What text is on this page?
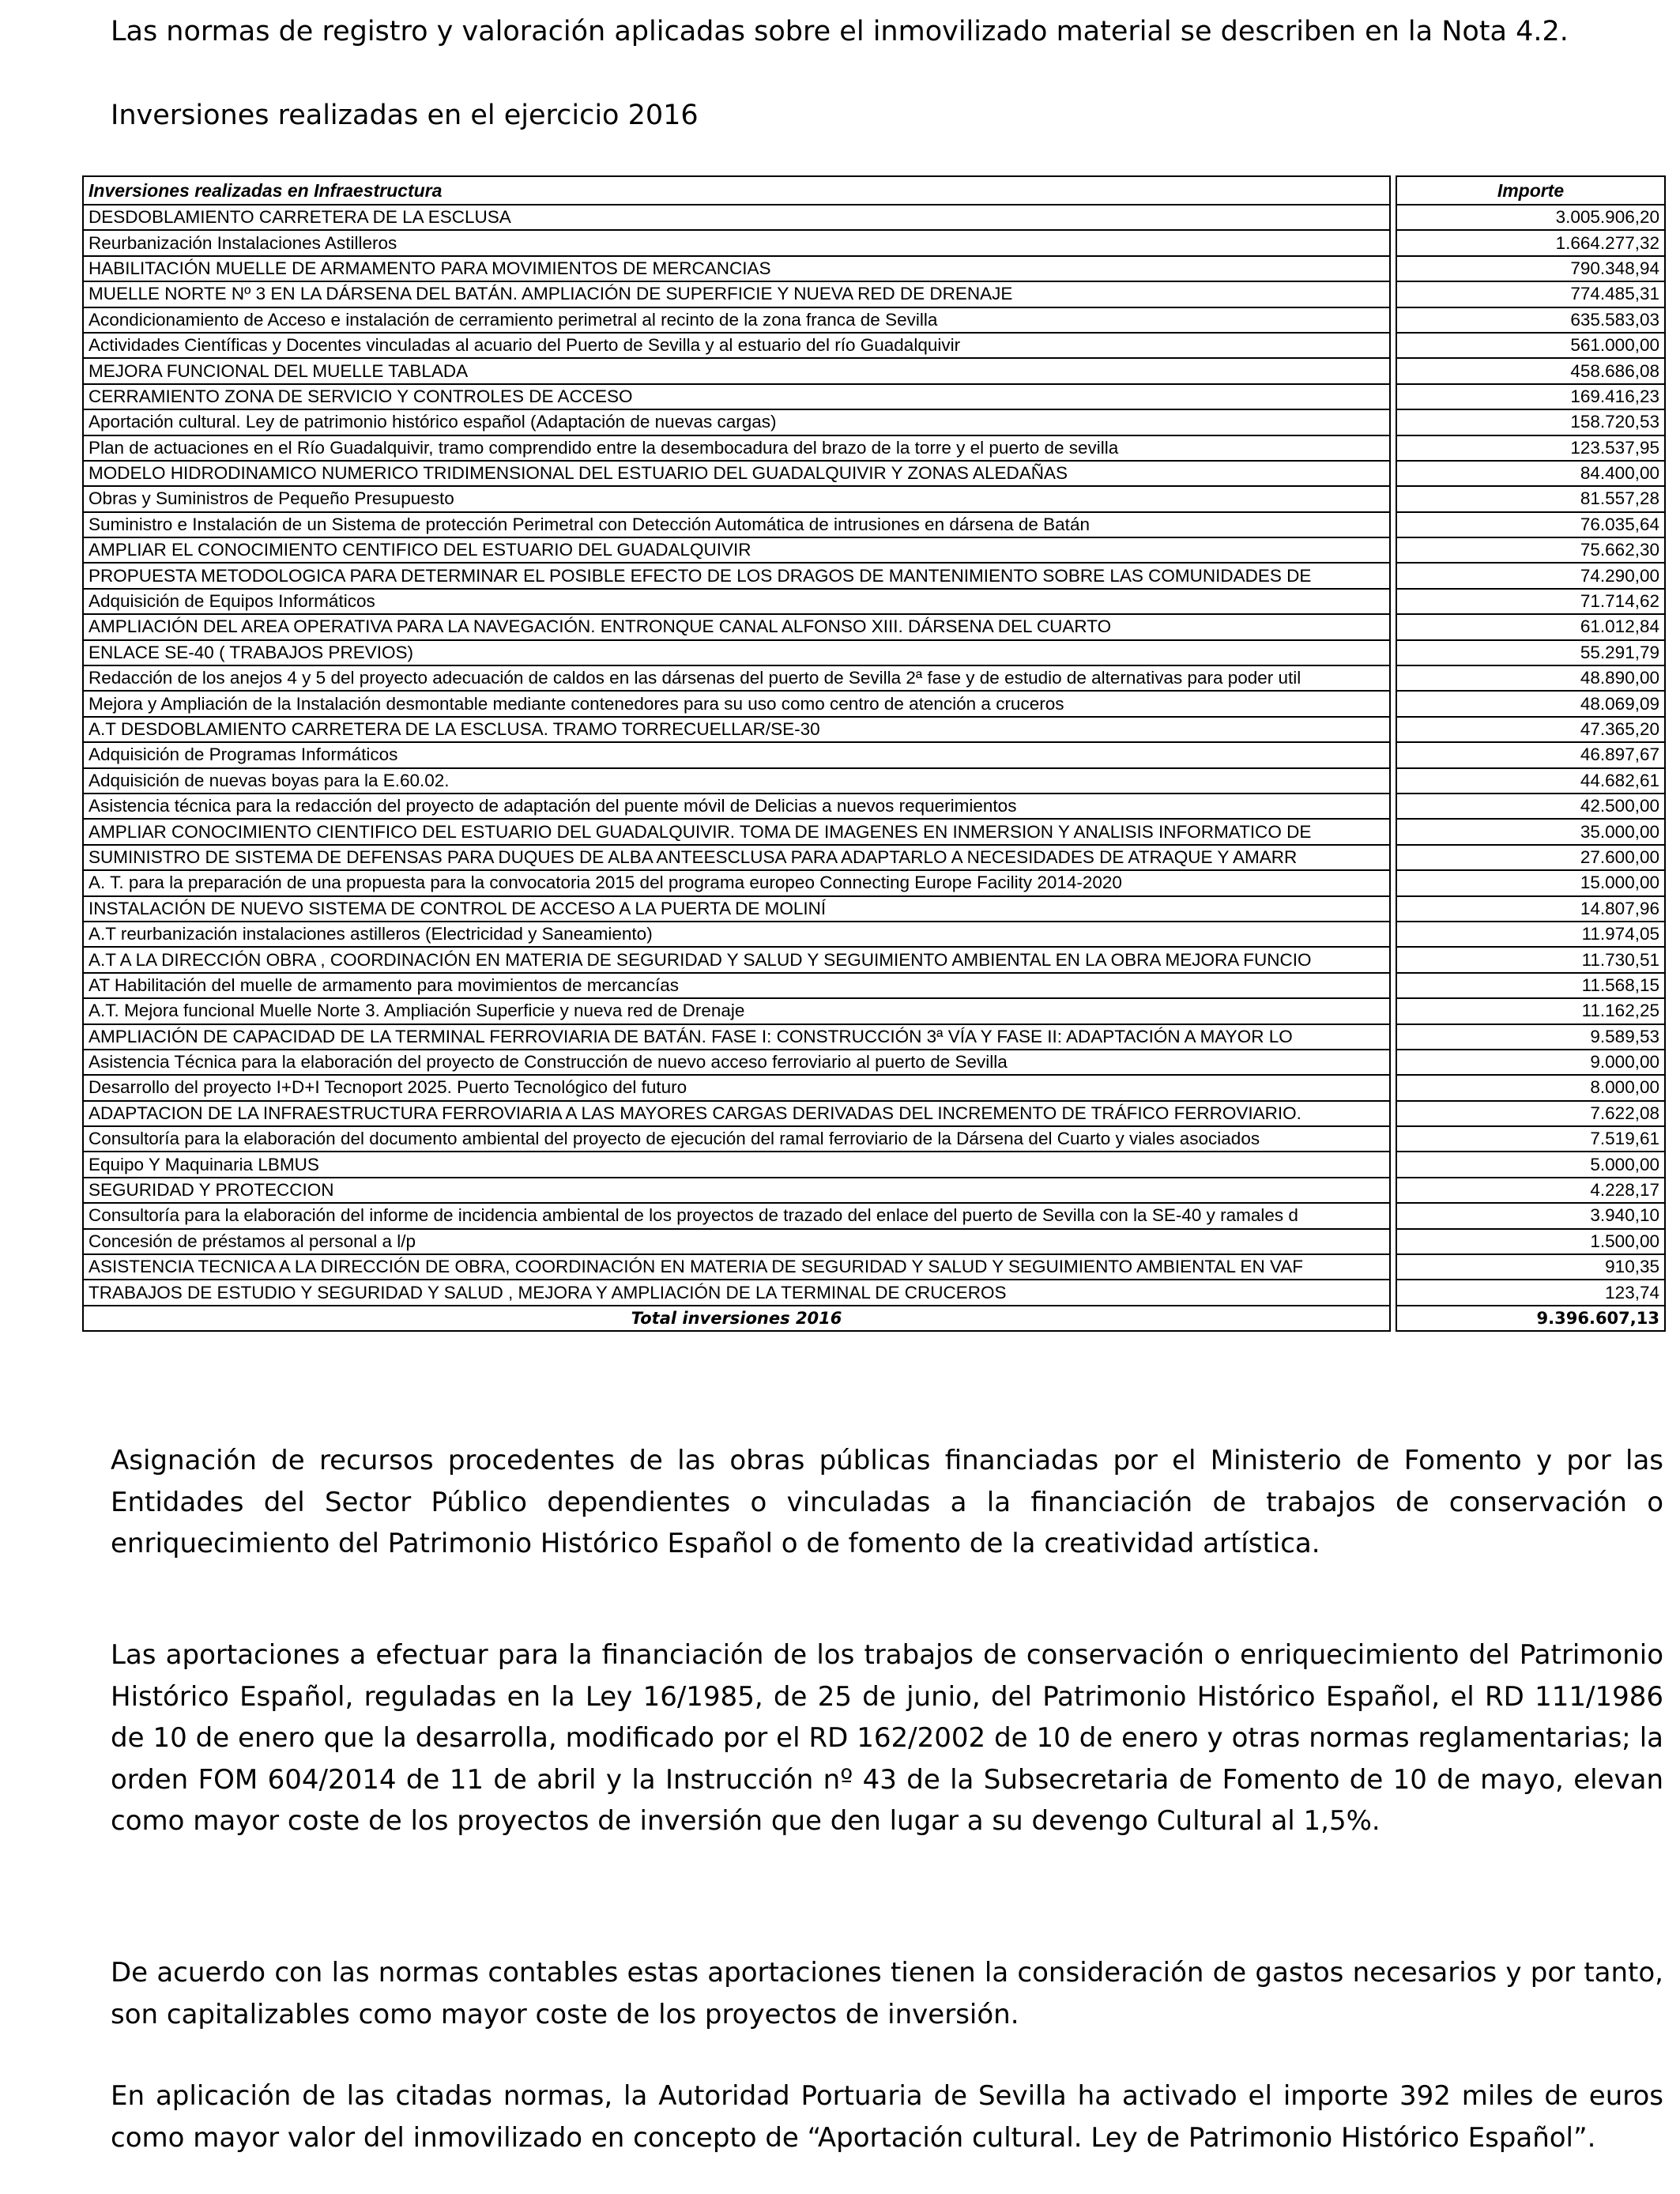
Las normas de registro y valoración aplicadas sobre el inmovilizado material se describen en la Nota 4.2.
Inversiones realizadas en el ejercicio 2016
Inversiones realizadas en Infraestructura		Importe
DESDOBLAMIENTO CARRETERA DE LA ESCLUSA		3.005.906,20
Reurbanización Instalaciones Astilleros		1.664.277,32
HABILITACIÓN MUELLE DE ARMAMENTO PARA MOVIMIENTOS DE MERCANCIAS		790.348,94
MUELLE NORTE Nº 3 EN LA DÁRSENA DEL BATÁN. AMPLIACIÓN DE SUPERFICIE Y NUEVA RED DE DRENAJE		774.485,31
Acondicionamiento de Acceso e instalación de cerramiento perimetral al recinto de la zona franca de Sevilla		635.583,03
Actividades Científicas y Docentes vinculadas al acuario del Puerto de Sevilla y al estuario del río Guadalquivir		561.000,00
MEJORA FUNCIONAL DEL MUELLE TABLADA		458.686,08
CERRAMIENTO ZONA DE SERVICIO Y CONTROLES DE ACCESO		169.416,23
Aportación cultural. Ley de patrimonio histórico español (Adaptación de nuevas cargas)		158.720,53
Plan de actuaciones en el Río Guadalquivir, tramo comprendido entre la desembocadura del brazo de la torre y el puerto de sevilla		123.537,95
MODELO HIDRODINAMICO NUMERICO TRIDIMENSIONAL DEL ESTUARIO DEL GUADALQUIVIR Y ZONAS ALEDAÑAS		84.400,00
Obras y Suministros de Pequeño Presupuesto		81.557,28
Suministro e Instalación de un Sistema de protección Perimetral con Detección Automática de intrusiones en dársena de Batán		76.035,64
AMPLIAR EL CONOCIMIENTO CENTIFICO DEL ESTUARIO DEL GUADALQUIVIR		75.662,30
PROPUESTA METODOLOGICA PARA DETERMINAR EL POSIBLE EFECTO DE LOS DRAGOS DE MANTENIMIENTO SOBRE LAS COMUNIDADES DE		74.290,00
Adquisición de Equipos Informáticos		71.714,62
AMPLIACIÓN DEL AREA OPERATIVA PARA LA NAVEGACIÓN. ENTRONQUE CANAL ALFONSO XIII. DÁRSENA DEL CUARTO		61.012,84
ENLACE SE-40 ( TRABAJOS PREVIOS)		55.291,79
Redacción de los anejos 4 y 5 del proyecto adecuación de caldos en las dársenas del puerto de Sevilla 2ª fase y de estudio de alternativas para poder util		48.890,00
Mejora y Ampliación de la Instalación desmontable mediante contenedores para su uso como centro de atención a cruceros		48.069,09
A.T DESDOBLAMIENTO CARRETERA DE LA ESCLUSA. TRAMO TORRECUELLAR/SE-30		47.365,20
Adquisición de Programas Informáticos		46.897,67
Adquisición de nuevas boyas para la E.60.02.		44.682,61
Asistencia técnica para la redacción del proyecto de adaptación del puente móvil de Delicias a nuevos requerimientos		42.500,00
AMPLIAR CONOCIMIENTO CIENTIFICO DEL ESTUARIO DEL GUADALQUIVIR. TOMA DE IMAGENES EN INMERSION Y ANALISIS INFORMATICO DE		35.000,00
SUMINISTRO DE SISTEMA DE DEFENSAS PARA DUQUES DE ALBA ANTEESCLUSA PARA ADAPTARLO A NECESIDADES DE ATRAQUE Y AMARR		27.600,00
A. T. para la preparación de una propuesta para la convocatoria 2015 del programa europeo Connecting Europe Facility 2014-2020		15.000,00
INSTALACIÓN DE NUEVO SISTEMA DE CONTROL DE ACCESO A LA PUERTA DE MOLINÍ		14.807,96
A.T reurbanización instalaciones astilleros (Electricidad y Saneamiento)		11.974,05
A.T A LA DIRECCIÓN OBRA , COORDINACIÓN EN MATERIA DE SEGURIDAD Y SALUD Y SEGUIMIENTO AMBIENTAL EN LA OBRA MEJORA FUNCIO		11.730,51
AT Habilitación del muelle de armamento para movimientos de mercancías		11.568,15
A.T. Mejora funcional Muelle Norte 3. Ampliación Superficie y nueva red de Drenaje		11.162,25
AMPLIACIÓN DE CAPACIDAD DE LA TERMINAL FERROVIARIA DE BATÁN. FASE I: CONSTRUCCIÓN 3ª VÍA Y FASE II: ADAPTACIÓN A MAYOR LO		9.589,53
Asistencia Técnica para la elaboración del proyecto de Construcción de nuevo acceso ferroviario al puerto de Sevilla		9.000,00
Desarrollo del proyecto I+D+I Tecnoport 2025. Puerto Tecnológico del futuro		8.000,00
ADAPTACION DE LA INFRAESTRUCTURA FERROVIARIA A LAS MAYORES CARGAS DERIVADAS DEL INCREMENTO DE TRÁFICO FERROVIARIO.		7.622,08
Consultoría para la elaboración del documento ambiental del proyecto de ejecución del ramal ferroviario de la Dársena del Cuarto y viales asociados		7.519,61
Equipo Y Maquinaria LBMUS		5.000,00
SEGURIDAD Y PROTECCION		4.228,17
Consultoría para la elaboración del informe de incidencia ambiental de los proyectos de trazado del enlace del puerto de Sevilla con la SE-40 y ramales d		3.940,10
Concesión de préstamos al personal a l/p		1.500,00
ASISTENCIA TECNICA A LA DIRECCIÓN DE OBRA, COORDINACIÓN EN MATERIA DE SEGURIDAD Y SALUD Y SEGUIMIENTO AMBIENTAL EN VAF		910,35
TRABAJOS DE ESTUDIO Y SEGURIDAD Y SALUD , MEJORA Y AMPLIACIÓN DE LA TERMINAL DE CRUCEROS		123,74
Total inversiones 2016		9.396.607,13
Asignación de recursos procedentes de las obras públicas financiadas por el Ministerio de Fomento y por las Entidades del Sector Público dependientes o vinculadas a la financiación de trabajos de conservación o enriquecimiento del Patrimonio Histórico Español o de fomento de la creatividad artística.
Las aportaciones a efectuar para la financiación de los trabajos de conservación o enriquecimiento del Patrimonio Histórico Español, reguladas en la Ley 16/1985, de 25 de junio, del Patrimonio Histórico Español, el RD 111/1986 de 10 de enero que la desarrolla, modificado por el RD 162/2002 de 10 de enero y otras normas reglamentarias; la orden FOM 604/2014 de 11 de abril y la Instrucción nº 43 de la Subsecretaria de Fomento de 10 de mayo, elevan como mayor coste de los proyectos de inversión que den lugar a su devengo Cultural al 1,5%.
De acuerdo con las normas contables estas aportaciones tienen la consideración de gastos necesarios y por tanto, son capitalizables como mayor coste de los proyectos de inversión.
En aplicación de las citadas normas, la Autoridad Portuaria de Sevilla ha activado el importe 392 miles de euros como mayor valor del inmovilizado en concepto de “Aportación cultural. Ley de Patrimonio Histórico Español”.
